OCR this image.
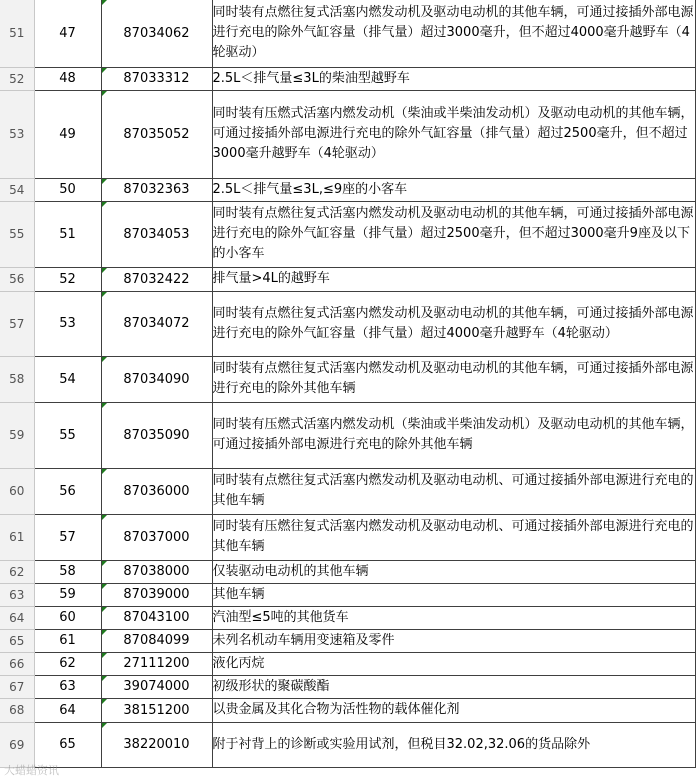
51	47	87034062	同时装有点燃往复式活塞内燃发动机及驱动电动机的其他车辆，可通过接插外部电源进行充电的除外气缸容量（排气量）超过3000毫升，但不超过4000毫升越野车（4轮驱动）	
52	48	87033312	2.5L＜排气量≤3L的柴油型越野车	
53	49	87035052	同时装有压燃式活塞内燃发动机（柴油或半柴油发动机）及驱动电动机的其他车辆，可通过接插外部电源进行充电的除外气缸容量（排气量）超过2500毫升，但不超过3000毫升越野车（4轮驱动）	
54	50	87032363	2.5L＜排气量≤3L,≤9座的小客车	
55	51	87034053	同时装有点燃往复式活塞内燃发动机及驱动电动机的其他车辆，可通过接插外部电源进行充电的除外气缸容量（排气量）超过2500毫升，但不超过3000毫升9座及以下的小客车	
56	52	87032422	排气量>4L的越野车	
57	53	87034072	同时装有点燃往复式活塞内燃发动机及驱动电动机的其他车辆，可通过接插外部电源进行充电的除外气缸容量（排气量）超过4000毫升越野车（4轮驱动）	
58	54	87034090	同时装有点燃往复式活塞内燃发动机及驱动电动机的其他车辆，可通过接插外部电源进行充电的除外其他车辆	
59	55	87035090	同时装有压燃式活塞内燃发动机（柴油或半柴油发动机）及驱动电动机的其他车辆，可通过接插外部电源进行充电的除外其他车辆	
60	56	87036000	同时装有点燃往复式活塞内燃发动机及驱动电动机、可通过接插外部电源进行充电的其他车辆	
61	57	87037000	同时装有压燃往复式活塞内燃发动机及驱动电动机、可通过接插外部电源进行充电的其他车辆	
62	58	87038000	仅装驱动电动机的其他车辆	
63	59	87039000	其他车辆	
64	60	87043100	汽油型≤5吨的其他货车	
65	61	87084099	未列名机动车辆用变速箱及零件	
66	62	27111200	液化丙烷	
67	63	39074000	初级形状的聚碳酸酯	
68	64	38151200	以贵金属及其化合物为活性物的载体催化剂	
69	65	38220010	附于衬背上的诊断或实验用试剂，但税目32.02,32.06的货品除外	
大蜡蜡资讯
